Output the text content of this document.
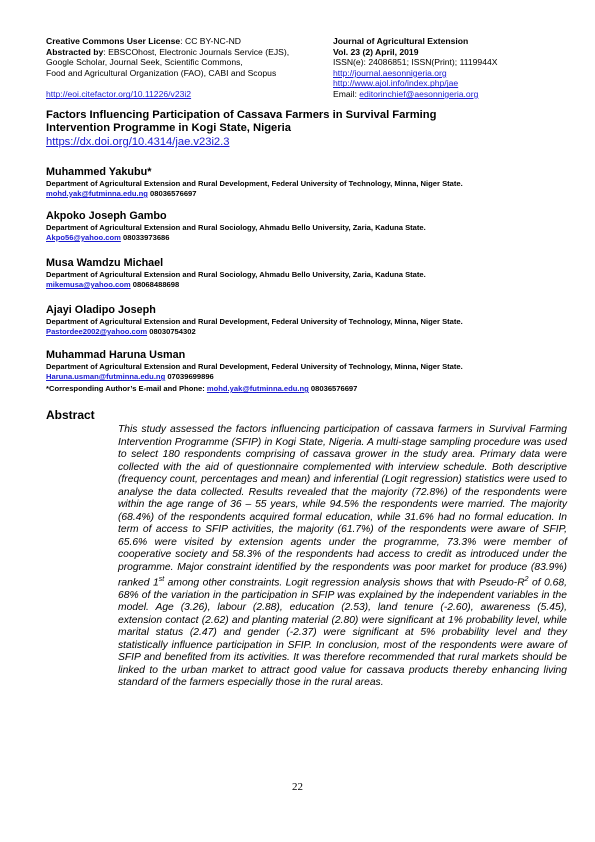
Creative Commons User License: CC BY-NC-ND
Abstracted by: EBSCOhost, Electronic Journals Service (EJS),
Google Scholar, Journal Seek, Scientific Commons,
Food and Agricultural Organization (FAO), CABI and Scopus
http://eoi.citefactor.org/10.11226/v23i2
Journal of Agricultural Extension
Vol. 23 (2) April, 2019
ISSN(e): 24086851; ISSN(Print); 1119944X
http://journal.aesonnigeria.org
http://www.ajol.info/index.php/jae
Email: editorinchief@aesonnigeria.org
Factors Influencing Participation of Cassava Farmers in Survival Farming
Intervention Programme in Kogi State, Nigeria
https://dx.doi.org/10.4314/jae.v23i2.3
Muhammed Yakubu*
Department of Agricultural Extension and Rural Development, Federal University of Technology, Minna, Niger State.
mohd.yak@futminna.edu.ng 08036576697
Akpoko Joseph Gambo
Department of Agricultural Extension and Rural Sociology, Ahmadu Bello University, Zaria, Kaduna State.
Akpo56@yahoo.com 08033973686
Musa Wamdzu Michael
Department of Agricultural Extension and Rural Sociology, Ahmadu Bello University, Zaria, Kaduna State.
mikemusa@yahoo.com 08068488698
Ajayi Oladipo Joseph
Department of Agricultural Extension and Rural Development, Federal University of Technology, Minna, Niger State.
Pastordee2002@yahoo.com 08030754302
Muhammad Haruna Usman
Department of Agricultural Extension and Rural Development, Federal University of Technology, Minna, Niger State.
Haruna.usman@futminna.edu.ng 07039699896
*Corresponding Author’s E-mail and Phone: mohd.yak@futminna.edu.ng 08036576697
Abstract

This study assessed the factors influencing participation of cassava farmers in Survival Farming Intervention Programme (SFIP) in Kogi State, Nigeria. A multi-stage sampling procedure was used to select 180 respondents comprising of cassava grower in the study area. Primary data were collected with the aid of questionnaire complemented with interview schedule. Both descriptive (frequency count, percentages and mean) and inferential (Logit regression) statistics were used to analyse the data collected. Results revealed that the majority (72.8%) of the respondents were within the age range of 36 – 55 years, while 94.5% the respondents were married. The majority (68.4%) of the respondents acquired formal education, while 31.6% had no formal education. In term of access to SFIP activities, the majority (61.7%) of the respondents were aware of SFIP, 65.6% were visited by extension agents under the programme, 73.3% were member of cooperative society and 58.3% of the respondents had access to credit as introduced under the programme. Major constraint identified by the respondents was poor market for produce (83.9%) ranked 1st among other constraints. Logit regression analysis shows that with Pseudo-$R^2$ of 0.68, 68% of the variation in the participation in SFIP was explained by the independent variables in the model. Age (3.26), labour (2.88), education (2.53), land tenure (-2.60), awareness (5.45), extension contact (2.62) and planting material (2.80) were significant at 1% probability level, while marital status (2.47) and gender (-2.37) were significant at 5% probability level and they statistically influence participation in SFIP. In conclusion, most of the respondents were aware of SFIP and benefited from its activities. It was therefore recommended that rural markets should be linked to the urban market to attract good value for cassava products thereby enhancing living standard of the farmers especially those in the rural areas.

22
